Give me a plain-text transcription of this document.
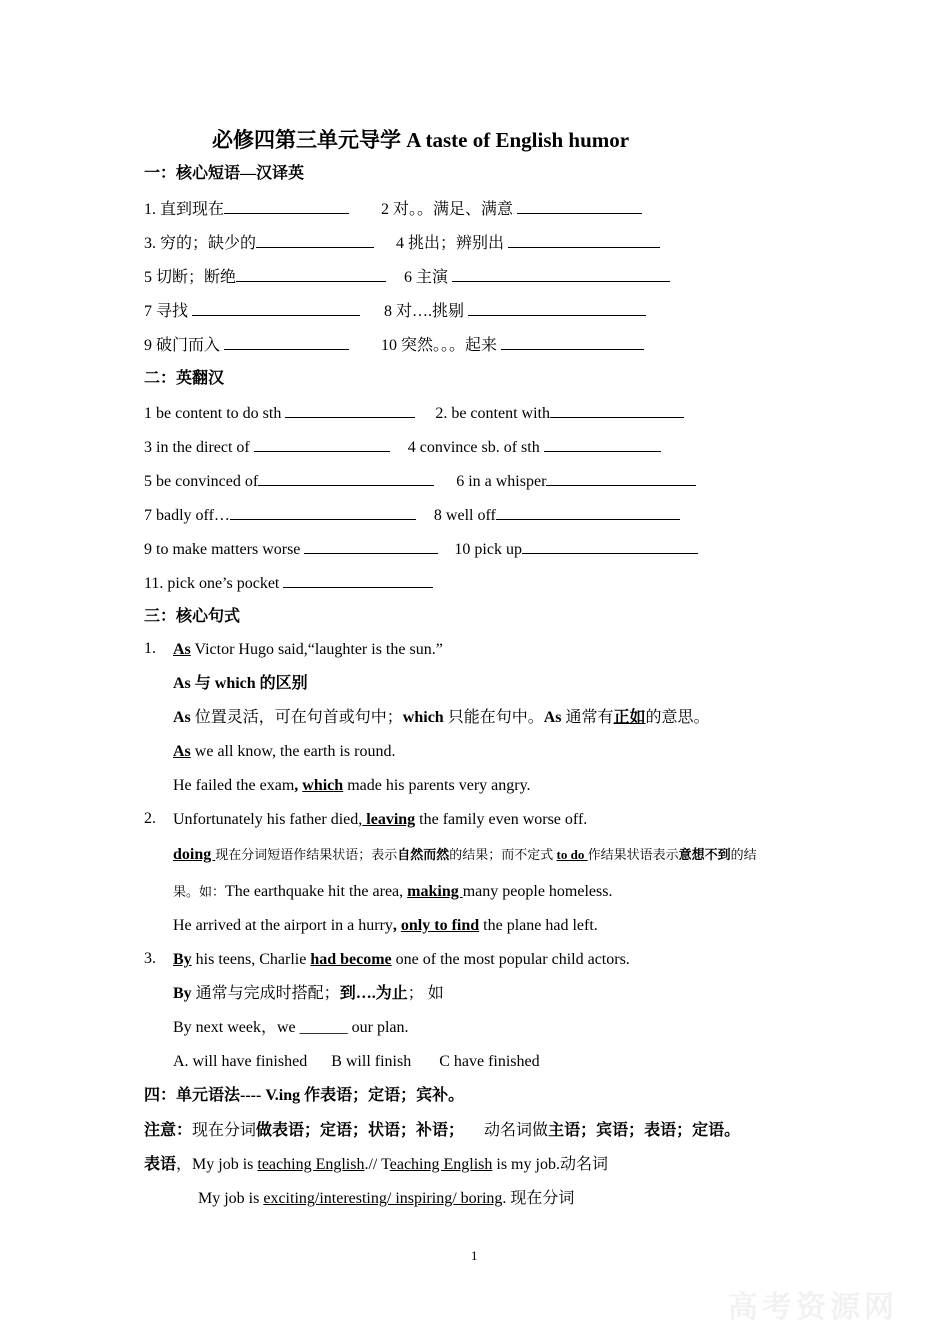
必修四第三单元导学 A taste of English humor
一：核心短语—汉译英
1. 直到现在	2 对。。满足、满意
3. 穷的；缺少的	4 挑出；辨别出
5 切断；断绝	6 主演
7 寻找	8 对….挑剔
9 破门而入	10 突然。。。起来
二：英翻汉
1 be content to do sth	2. be content with
3 in the direct of	4 convince sb. of sth
5 be convinced of	6 in a whisper
7 badly off…	8 well off
9 to make matters worse	10 pick up
11. pick one’s pocket
三：核心句式
1. As Victor Hugo said,“laughter is the sun.”
As 与 which 的区别
As 位置灵活，可在句首或句中；which 只能在句中。As 通常有正如的意思。
As we all know, the earth is round.
He failed the exam, which made his parents very angry.
2. Unfortunately his father died, leaving the family even worse off.
doing 现在分词短语作结果状语；表示自然而然的结果；而不定式 to do 作结果状语表示意想不到的结
果。如：The earthquake hit the area, making many people homeless.
He arrived at the airport in a hurry, only to find the plane had left.
3. By his teens, Charlie had become one of the most popular child actors.
By 通常与完成时搭配；到….为止； 如
By next week，we ______ our plan.
A. will have finished      B will finish       C have finished
四：单元语法---- V.ing 作表语；定语；宾补。
注意：现在分词做表语；定语；状语；补语；     动名词做主语；宾语；表语；定语。
表语，My job is teaching English.// Teaching English is my job.动名词
My job is exciting/interesting/ inspiring/ boring. 现在分词
1
高考资源网
